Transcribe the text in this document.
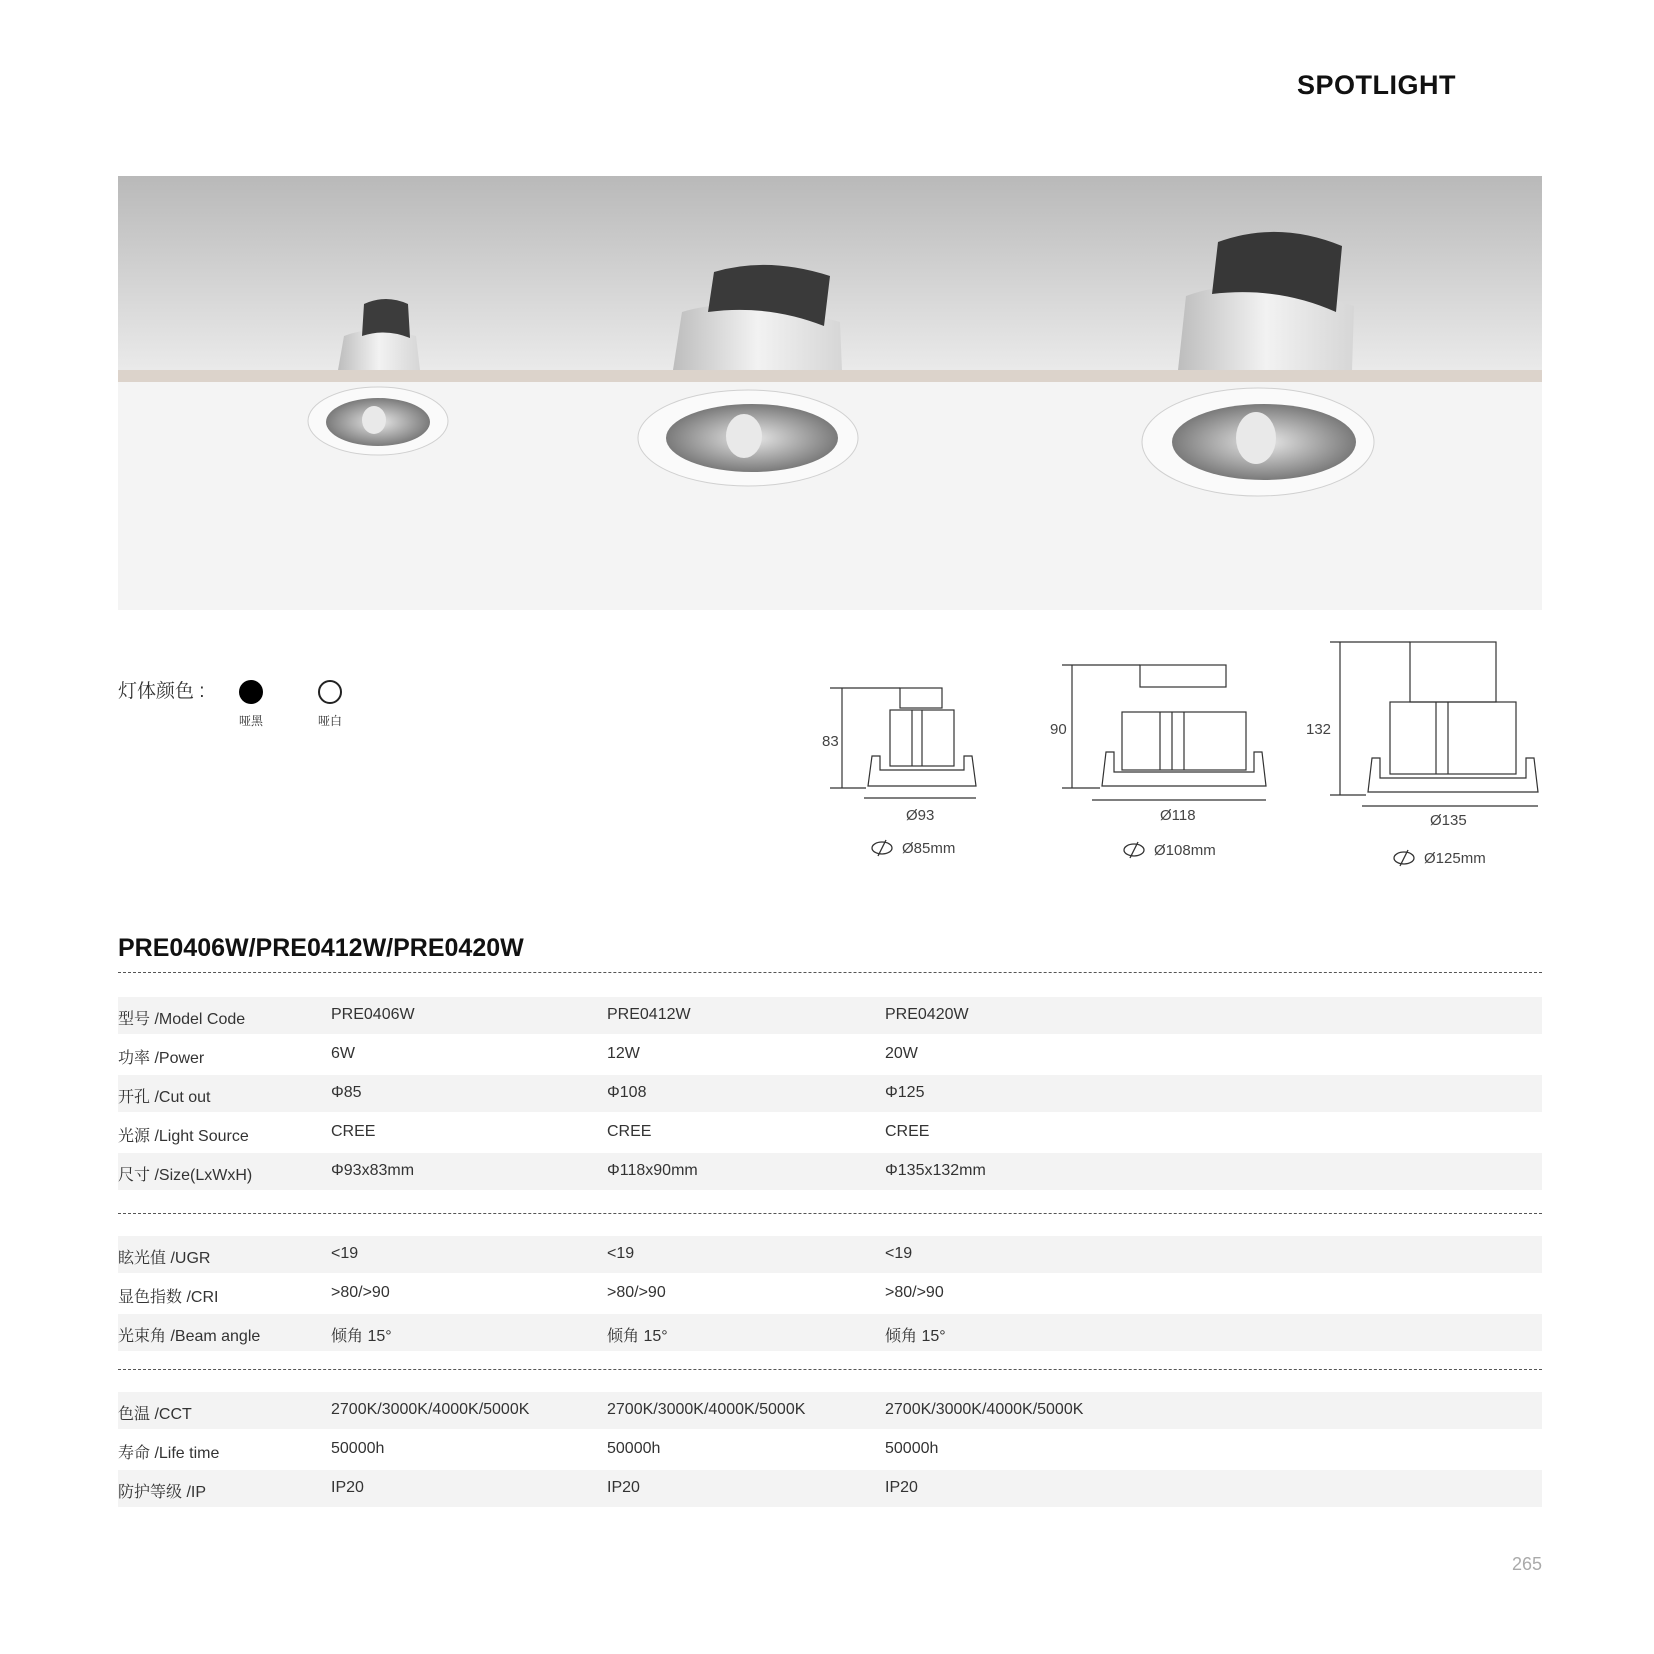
SPOTLIGHT
灯体颜色 :
哑黑	哑白
83
Ø93
Ø85mm
90
Ø118
Ø108mm
132
Ø135
Ø125mm
PRE0406W/PRE0412W/PRE0420W
型号 /Model Code	PRE0406W	PRE0412W	PRE0420W
功率 /Power	6W	12W	20W
开孔 /Cut out	Φ85	Φ108	Φ125
光源 /Light Source	CREE	CREE	CREE
尺寸 /Size(LxWxH)	Φ93x83mm	Φ118x90mm	Φ135x132mm
眩光值 /UGR	<19	<19	<19
显色指数 /CRI	>80/>90	>80/>90	>80/>90
光束角 /Beam angle	倾角 15°	倾角 15°	倾角 15°
色温 /CCT	2700K/3000K/4000K/5000K	2700K/3000K/4000K/5000K	2700K/3000K/4000K/5000K
寿命 /Life time	50000h	50000h	50000h
防护等级 /IP	IP20	IP20	IP20
265
